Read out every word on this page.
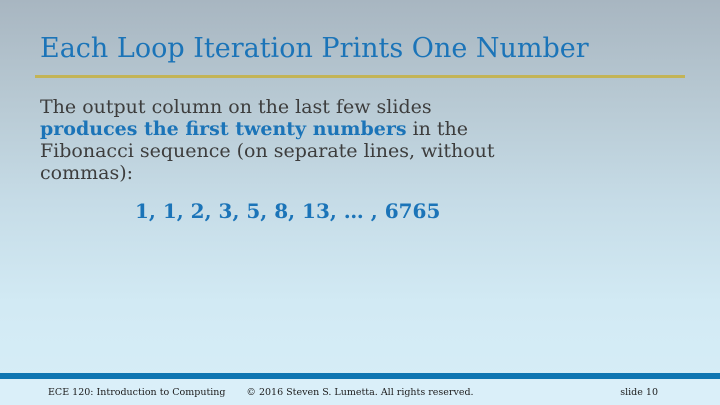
Each Loop Iteration Prints One Number
The output column on the last few slides
produces the first twenty numbers in the
Fibonacci sequence (on separate lines, without
commas):
1, 1, 2, 3, 5, 8, 13, … , 6765
ECE 120: Introduction to Computing	© 2016 Steven S. Lumetta. All rights reserved.	slide 10
